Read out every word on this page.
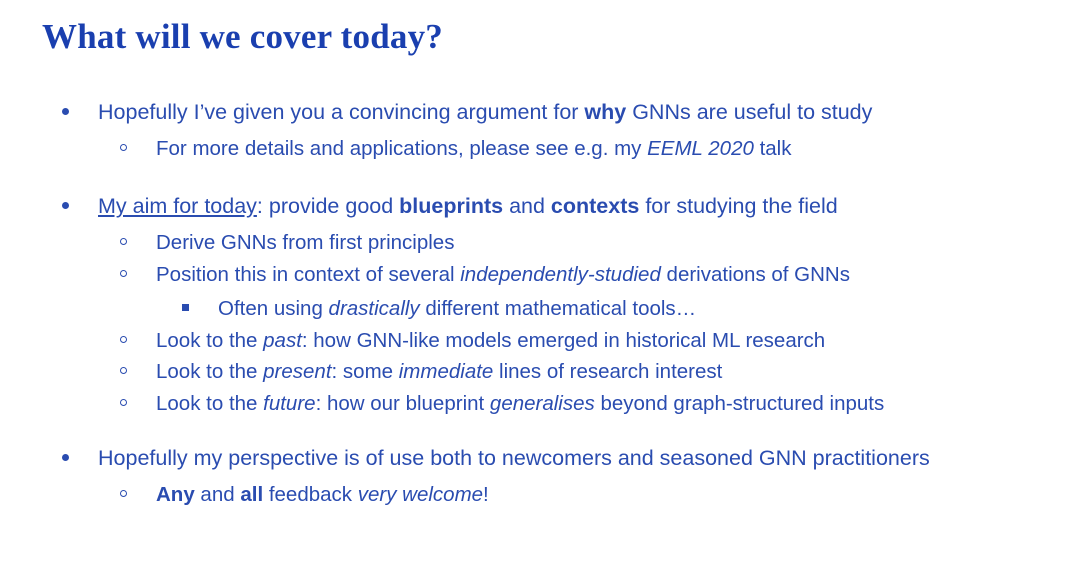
What will we cover today?
Hopefully I’ve given you a convincing argument for why GNNs are useful to study
For more details and applications, please see e.g. my EEML 2020 talk
My aim for today: provide good blueprints and contexts for studying the field
Derive GNNs from first principles
Position this in context of several independently-studied derivations of GNNs
Often using drastically different mathematical tools…
Look to the past: how GNN-like models emerged in historical ML research
Look to the present: some immediate lines of research interest
Look to the future: how our blueprint generalises beyond graph-structured inputs
Hopefully my perspective is of use both to newcomers and seasoned GNN practitioners
Any and all feedback very welcome!
